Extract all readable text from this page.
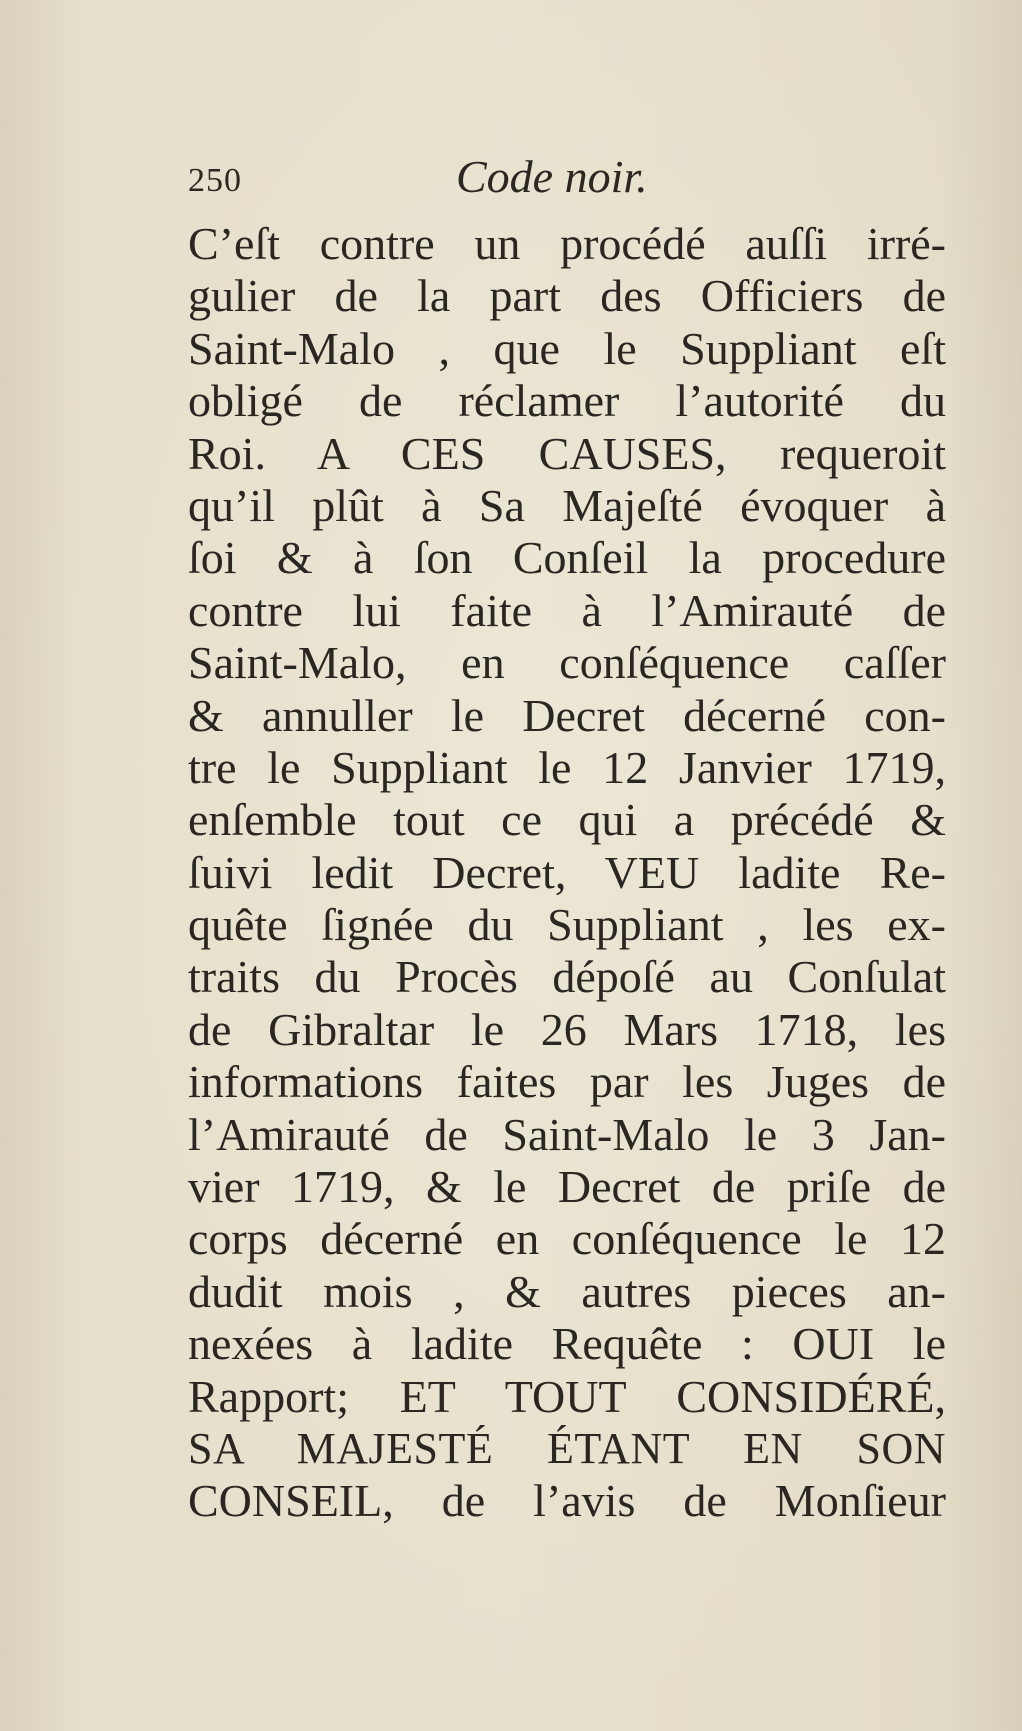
250	Code noir.
C’eſt contre un procédé auſſi irré-
gulier de la part des Officiers de
Saint-Malo , que le Suppliant eſt
obligé de réclamer l’autorité du
Roi. A CES CAUSES, requeroit
qu’il plût à Sa Majeſté évoquer à
ſoi & à ſon Conſeil la procedure
contre lui faite à l’Amirauté de
Saint-Malo, en conſéquence caſſer
& annuller le Decret décerné con-
tre le Suppliant le 12 Janvier 1719,
enſemble tout ce qui a précédé &
ſuivi ledit Decret, VEU ladite Re-
quête ſignée du Suppliant , les ex-
traits du Procès dépoſé au Conſulat
de Gibraltar le 26 Mars 1718, les
informations faites par les Juges de
l’Amirauté de Saint-Malo le 3 Jan-
vier 1719, & le Decret de priſe de
corps décerné en conſéquence le 12
dudit mois , & autres pieces an-
nexées à ladite Requête : OUI le
Rapport; ET TOUT CONSIDÉRÉ,
SA MAJESTÉ ÉTANT EN SON
CONSEIL, de l’avis de Monſieur
